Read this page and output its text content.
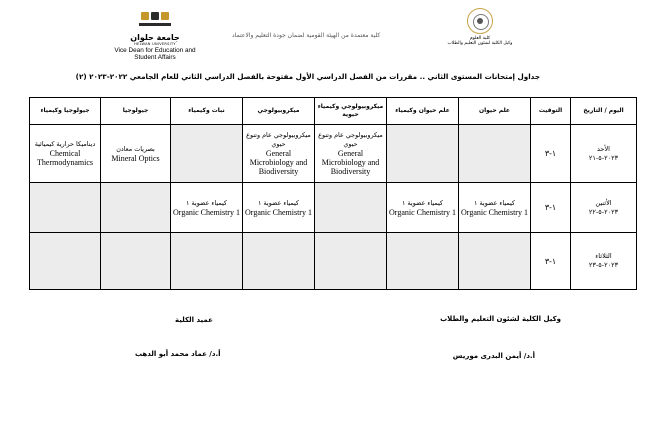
جامعة حلوان
HELWAN UNIVERSITY
Vice Dean for Education and Student Affairs
كلية معتمدة من الهيئة القومية لضمان جودة التعليم والاعتماد	كلية العلوم
وكيل الكلية لشئون التعليم والطلاب
جداول إمتحانات المستوى الثاني .. مقررات من الفصل الدراسي الأول مفتوحة بالفصل الدراسي الثاني للعام الجامعي ٢٠٢٢-٢٠٢٣ (٢)
اليوم / التاريخ	التوقيت	علم حيوان	علم حيوان وكيمياء	ميكروبيولوجي وكيمياء حيوية	ميكروبيولوجي	نبات وكيمياء	جيولوجيا	جيولوجيا وكيمياء

الأحد
٢٠٢٣-٥-٢١	١-٣			ميكروبيولوجي عام وتنوع حيوي
General Microbiology and Biodiversity	ميكروبيولوجي عام وتنوع حيوي
General Microbiology and Biodiversity		بصريات معادن
Mineral Optics	ديناميكا حرارية كيميائية
Chemical Thermodynamics

الأثنين
٢٠٢٣-٥-٢٢	١-٣	كيمياء عضوية ١
Organic Chemistry 1	كيمياء عضوية ١
Organic Chemistry 1		كيمياء عضوية ١
Organic Chemistry 1	كيمياء عضوية ١
Organic Chemistry 1		

الثلاثاء
٢٠٢٣-٥-٢٣	١-٣							
وكيل الكلية لشئون التعليم والطلاب
عميد الكلية
أ.د/ أيمن البدرى موريس
أ.د/ عماد محمد أبو الدهب
